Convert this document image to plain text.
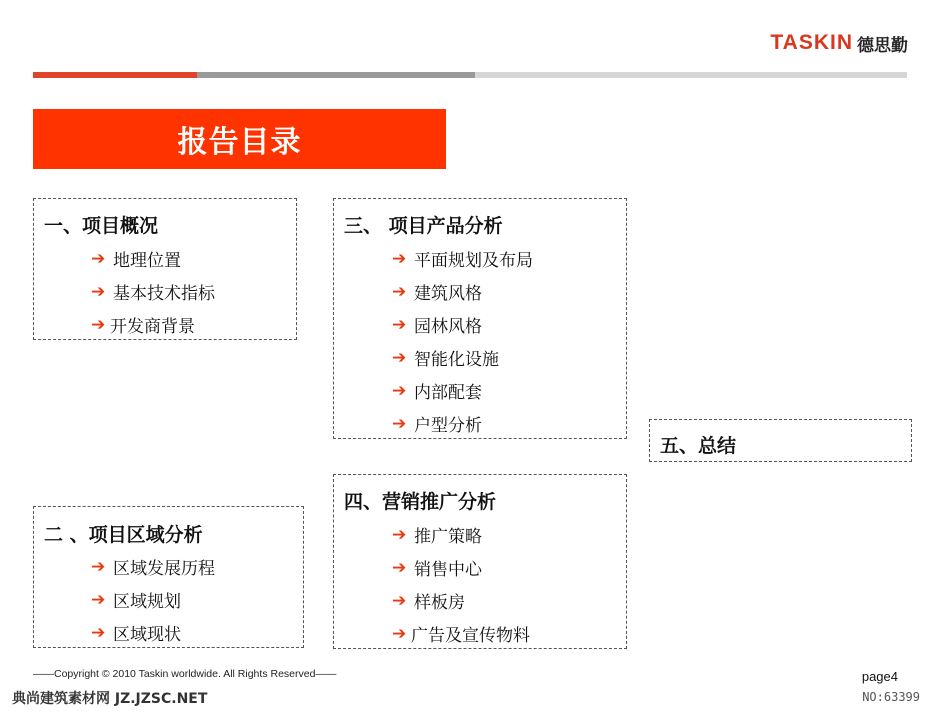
TASKIN 德思勤
报告目录
一、项目概况
➔ 地理位置
➔ 基本技术指标
➔ 开发商背景
二 、项目区域分析
➔ 区域发展历程
➔ 区域规划
➔ 区域现状
三、 项目产品分析
➔ 平面规划及布局
➔ 建筑风格
➔ 园林风格
➔ 智能化设施
➔ 内部配套
➔ 户型分析
四、营销推广分析
➔ 推广策略
➔ 销售中心
➔ 样板房
➔ 广告及宣传物料
五、总结
——Copyright © 2010 Taskin worldwide. All Rights Reserved——	page4
典尚建筑素材网 JZ.JZSC.NET	NO:63399
